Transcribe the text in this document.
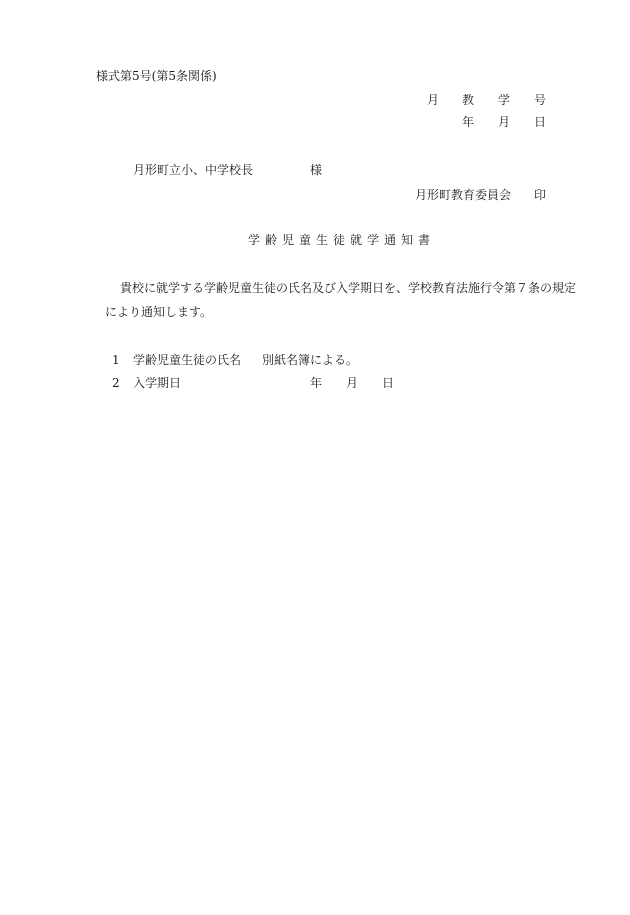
様式第5号(第5条関係)
月 教 学 号
年 月 日
月形町立小、中学校長	様
月形町教育委員会 印
学齢児童生徒就学通知書
貴校に就学する学齢児童生徒の氏名及び入学期日を、学校教育法施行令第７条の規定
により通知します。
1 学齢児童生徒の氏名 別紙名簿による。
2 入学期日	年 月 日
